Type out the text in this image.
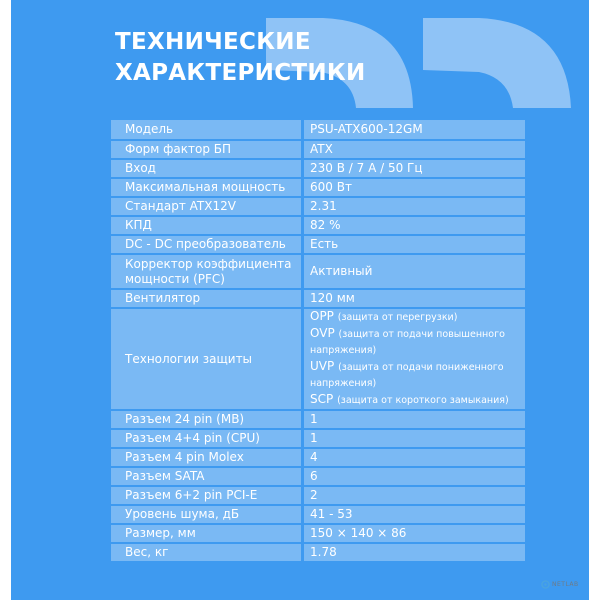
ТЕХНИЧЕСКИЕ
ХАРАКТЕРИСТИКИ
Модель	PSU-ATX600-12GM
Форм фактор БП	ATX
Вход	230 В / 7 А / 50 Гц
Максимальная мощность	600 Вт
Стандарт ATX12V	2.31
КПД	82 %
DC - DC преобразователь	Есть
Корректор коэффициента мощности (PFC)	Активный
Вентилятор	120 мм
Технологии защиты	OPP (защита от перегрузки)
OVP (защита от подачи повышенного напряжения)
UVP (защита от подачи пониженного напряжения)
SCP (защита от короткого замыкания)

Разъем 24 pin (MB)	1
Разъем 4+4 pin (CPU)	1
Разъем 4 pin Molex	4
Разъем SATA	6
Разъем 6+2 pin PCI-E	2
Уровень шума, дБ	41 - 53
Размер, мм	150 × 140 × 86
Вес, кг	1.78
NETLAB
